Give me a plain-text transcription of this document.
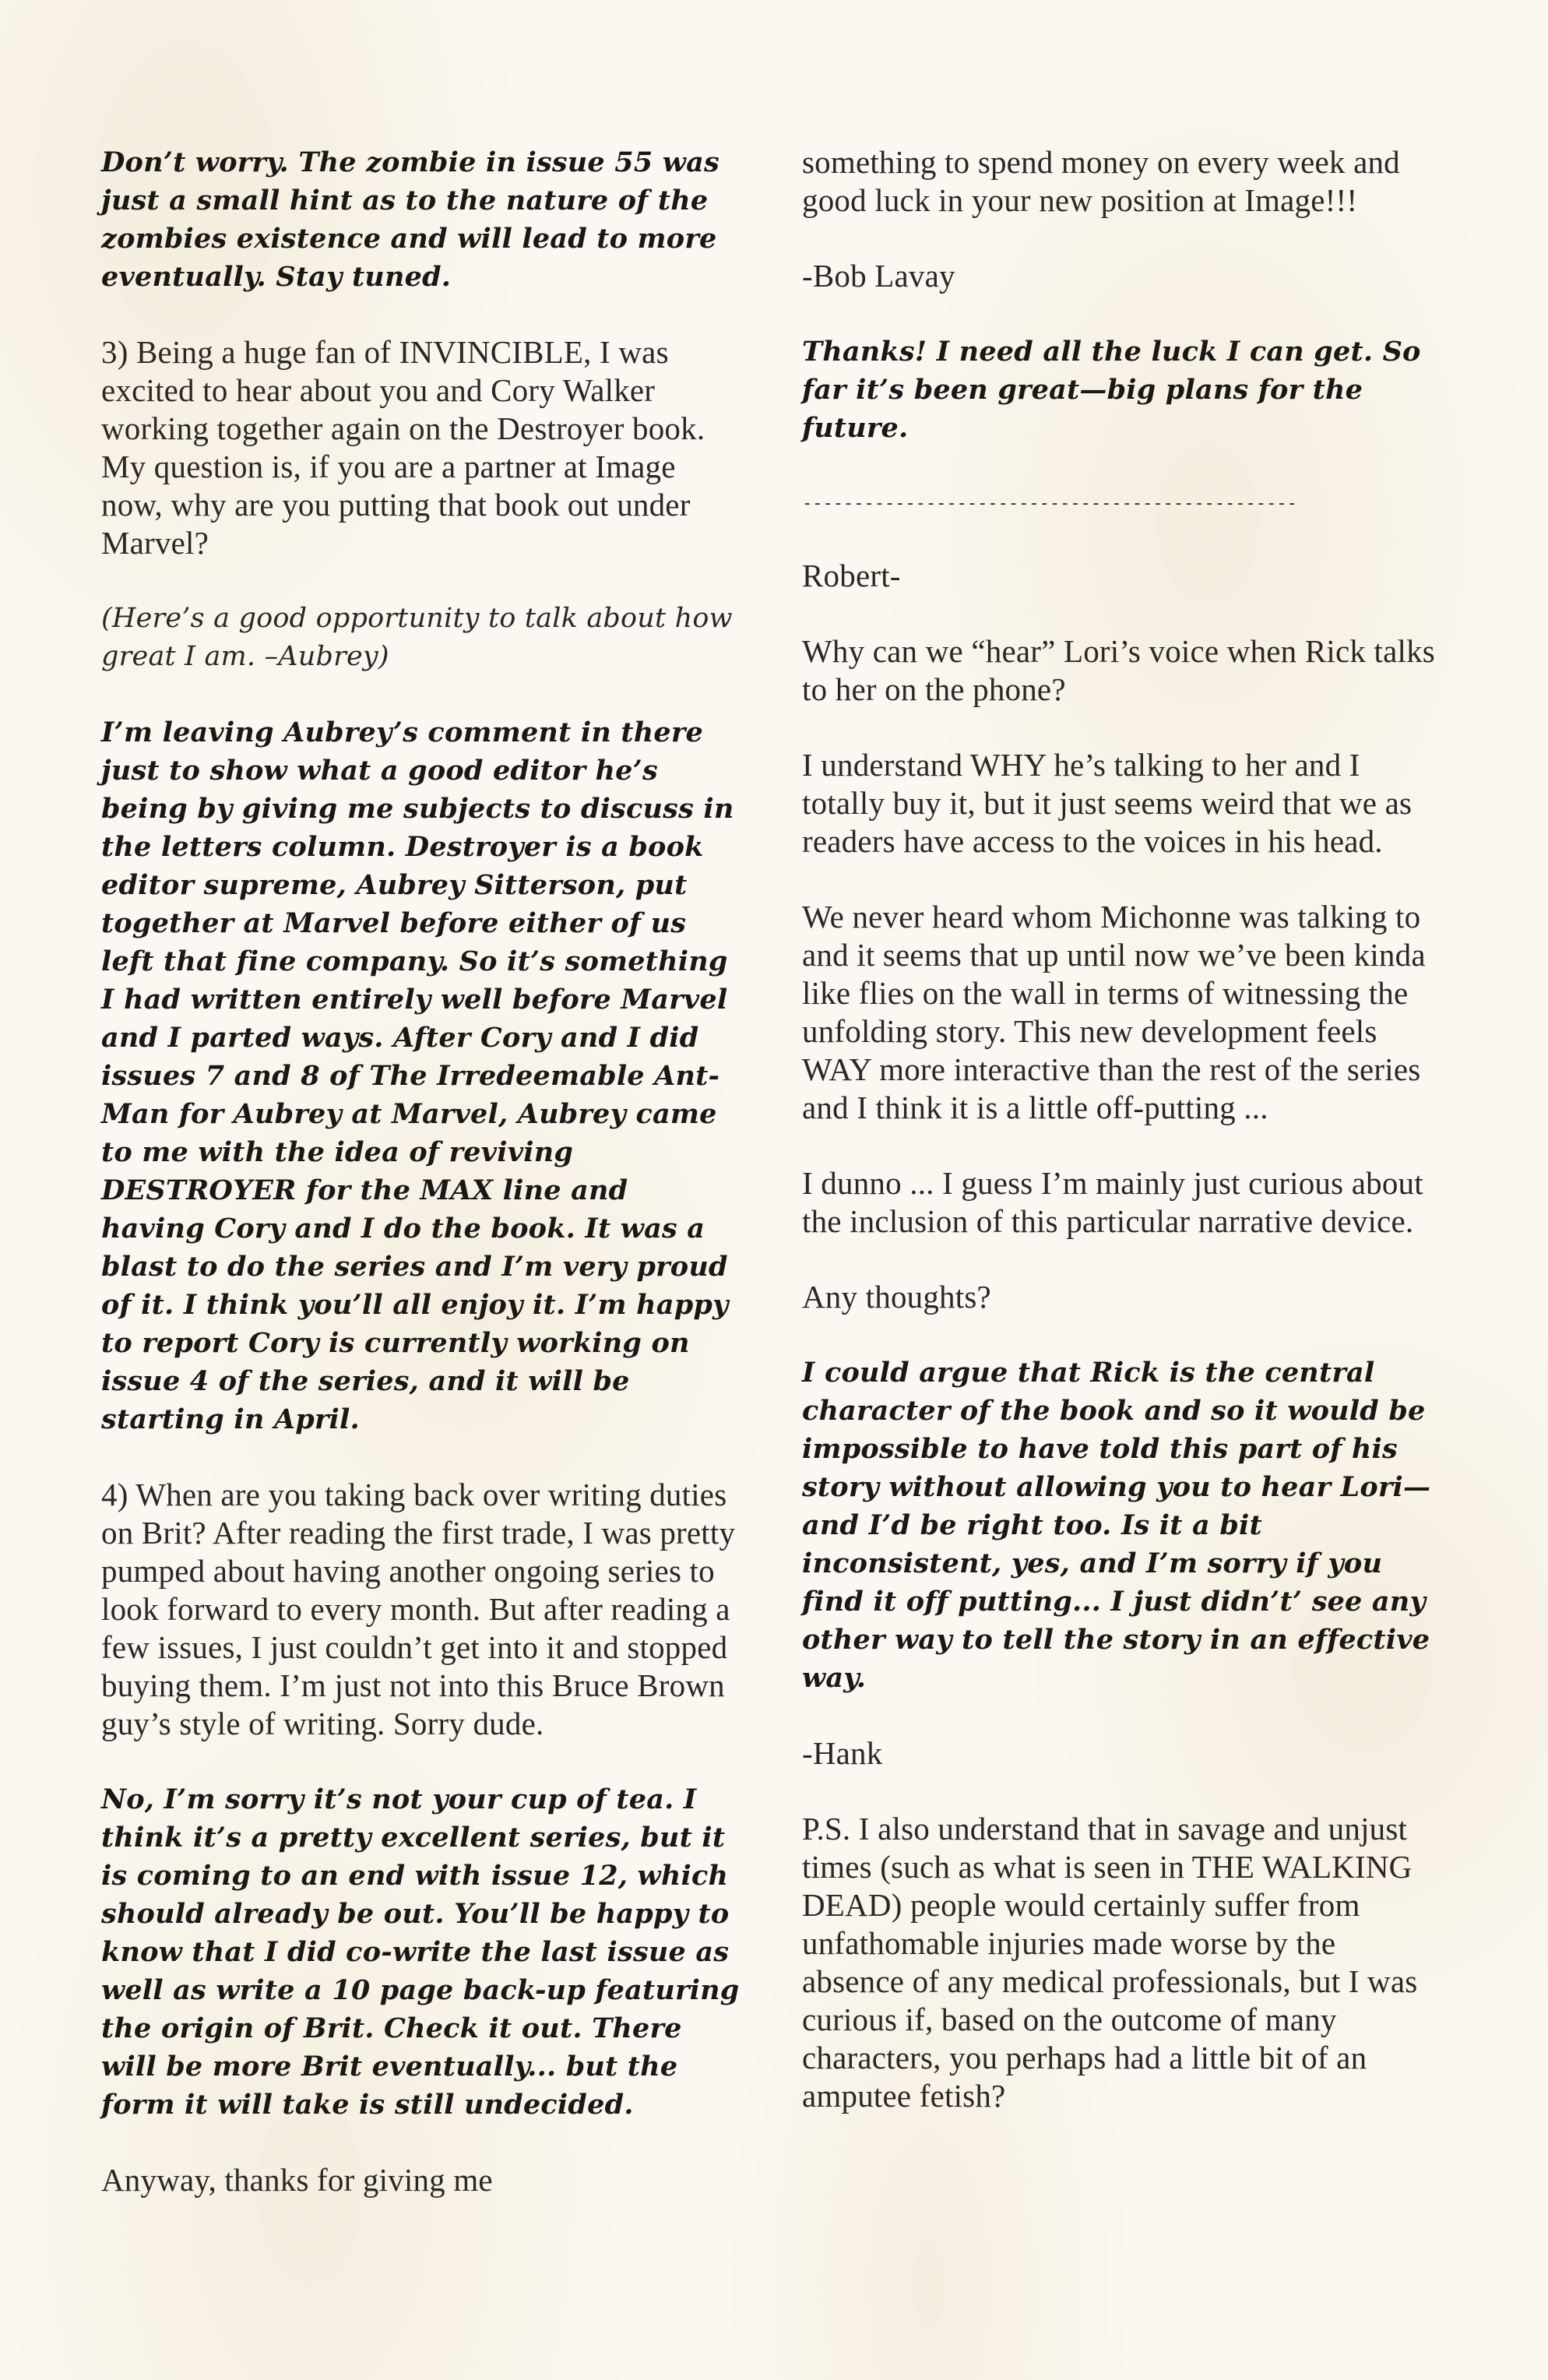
Don’t worry. The zombie in issue 55 was just a small hint as to the nature of the zombies existence and will lead to more eventually. Stay tuned.

3) Being a huge fan of INVINCIBLE, I was excited to hear about you and Cory Walker working together again on the Destroyer book. My question is, if you are a partner at Image now, why are you putting that book out under Marvel?

(Here’s a good opportunity to talk about how great I am. –Aubrey)

I’m leaving Aubrey’s comment in there just to show what a good editor he’s being by giving me subjects to discuss in the letters column. Destroyer is a book editor supreme, Aubrey Sitterson, put together at Marvel before either of us left that fine company. So it’s something I had written entirely well before Marvel and I parted ways. After Cory and I did issues 7 and 8 of The Irredeemable Ant-Man for Aubrey at Marvel, Aubrey came to me with the idea of reviving DESTROYER for the MAX line and having Cory and I do the book. It was a blast to do the series and I’m very proud of it. I think you’ll all enjoy it. I’m happy to report Cory is currently working on issue 4 of the series, and it will be starting in April.

4) When are you taking back over writing duties on Brit? After reading the first trade, I was pretty pumped about having another ongoing series to look forward to every month. But after reading a few issues, I just couldn’t get into it and stopped buying them. I’m just not into this Bruce Brown guy’s style of writing. Sorry dude.

No, I’m sorry it’s not your cup of tea. I think it’s a pretty excellent series, but it is coming to an end with issue 12, which should already be out. You’ll be happy to know that I did co-write the last issue as well as write a 10 page back-up featuring the origin of Brit. Check it out. There will be more Brit eventually... but the form it will take is still undecided.

Anyway, thanks for giving me

something to spend money on every week and good luck in your new position at Image!!!

-Bob Lavay

Thanks! I need all the luck I can get. So far it’s been great—big plans for the future.

------------------------------------------------

Robert-

Why can we “hear” Lori’s voice when Rick talks to her on the phone?

I understand WHY he’s talking to her and I totally buy it, but it just seems weird that we as readers have access to the voices in his head.

We never heard whom Michonne was talking to and it seems that up until now we’ve been kinda like flies on the wall in terms of witnessing the unfolding story. This new development feels WAY more interactive than the rest of the series and I think it is a little off-putting ...

I dunno ... I guess I’m mainly just curious about the inclusion of this particular narrative device.

Any thoughts?

I could argue that Rick is the central character of the book and so it would be impossible to have told this part of his story without allowing you to hear Lori—and I’d be right too. Is it a bit inconsistent, yes, and I’m sorry if you find it off putting... I just didn’t’ see any other way to tell the story in an effective way.

-Hank

P.S. I also understand that in savage and unjust times (such as what is seen in THE WALKING DEAD) people would certainly suffer from unfathomable injuries made worse by the absence of any medical professionals, but I was curious if, based on the outcome of many characters, you perhaps had a little bit of an amputee fetish?
